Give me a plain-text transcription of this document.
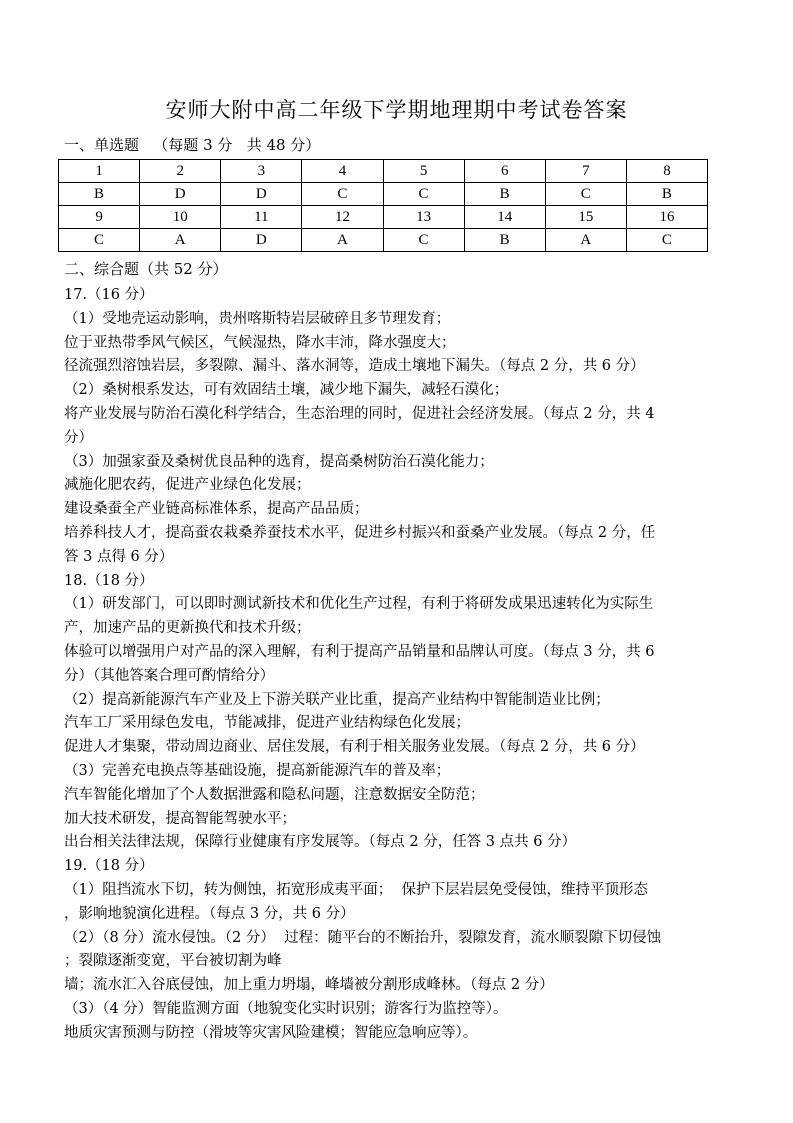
安师大附中高二年级下学期地理期中考试卷答案
一、单选题   （每题 3 分   共 48 分）
1	2	3	4	5	6	7	8
B	D	D	C	C	B	C	B
9	10	11	12	13	14	15	16
C	A	D	A	C	B	A	C
二、综合题（共 52 分）
17.（16 分）
（1）受地壳运动影响，贵州喀斯特岩层破碎且多节理发育；
位于亚热带季风气候区，气候湿热，降水丰沛，降水强度大；
径流强烈溶蚀岩层，多裂隙、漏斗、落水洞等，造成土壤地下漏失。（每点 2 分，共 6 分）
（2）桑树根系发达，可有效固结土壤，减少地下漏失，减轻石漠化；
将产业发展与防治石漠化科学结合，生态治理的同时，促进社会经济发展。（每点 2 分，共 4
分）
（3）加强家蚕及桑树优良品种的选育，提高桑树防治石漠化能力；
减施化肥农药，促进产业绿色化发展；
建设桑蚕全产业链高标准体系，提高产品品质；
培养科技人才，提高蚕农栽桑养蚕技术水平，促进乡村振兴和蚕桑产业发展。（每点 2 分，任
答 3 点得 6 分）
18.（18 分）
（1）研发部门，可以即时测试新技术和优化生产过程，有利于将研发成果迅速转化为实际生
产，加速产品的更新换代和技术升级；
体验可以增强用户对产品的深入理解，有利于提高产品销量和品牌认可度。（每点 3 分，共 6
分）（其他答案合理可酌情给分）
（2）提高新能源汽车产业及上下游关联产业比重，提高产业结构中智能制造业比例；
汽车工厂采用绿色发电，节能减排，促进产业结构绿色化发展；
促进人才集聚，带动周边商业、居住发展，有利于相关服务业发展。（每点 2 分，共 6 分）
（3）完善充电换点等基础设施，提高新能源汽车的普及率；
汽车智能化增加了个人数据泄露和隐私问题，注意数据安全防范；
加大技术研发，提高智能驾驶水平；
出台相关法律法规，保障行业健康有序发展等。（每点 2 分，任答 3 点共 6 分）
19.（18 分）
（1）阻挡流水下切，转为侧蚀，拓宽形成夷平面；  保护下层岩层免受侵蚀，维持平顶形态
，影响地貌演化进程。（每点 3 分，共 6 分）
（2）（8 分）流水侵蚀。（2 分）  过程：随平台的不断抬升，裂隙发育，流水顺裂隙下切侵蚀
；裂隙逐渐变宽，平台被切割为峰
墙；流水汇入谷底侵蚀，加上重力坍塌，峰墙被分割形成峰林。（每点 2 分）
（3）（4 分）智能监测方面（地貌变化实时识别；游客行为监控等）。
地质灾害预测与防控（滑坡等灾害风险建模；智能应急响应等）。
